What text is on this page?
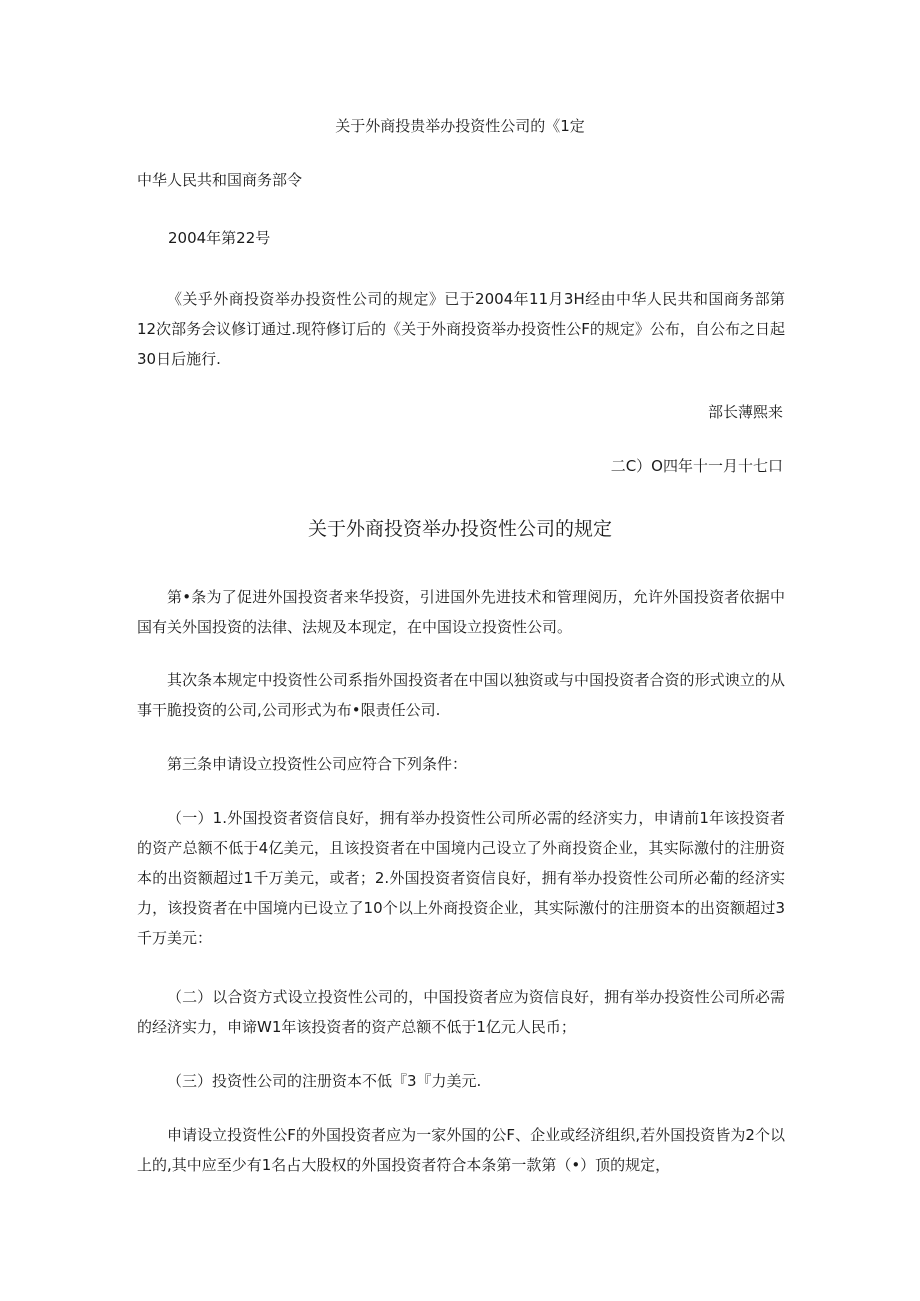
关于外商投贵举办投资性公司的《1定

中华人民共和国商务部令

2004年第22号

《关乎外商投资举办投资性公司的规定》已于2004年11月3H经由中华人民共和国商务部第12次部务会议修订通过.现符修订后的《关于外商投资举办投资性公F的规定》公布，自公布之日起30日后施行.

部长薄熙来

二C）O四年十一月十七口

关于外商投资举办投资性公司的规定

第•条为了促进外国投资者来华投资，引进国外先进技术和管理阅历，允许外国投资者依据中国有关外国投资的法律、法规及本现定，在中国设立投资性公司。

其次条本规定中投资性公司系指外国投资者在中国以独资或与中国投资者合资的形式谀立的从事干脆投资的公司,公司形式为布•限责任公司.

第三条申请设立投资性公司应符合下列条件：

（一）1.外国投资者资信良好，拥有举办投资性公司所必需的经济实力，申请前1年该投资者的资产总额不低于4亿美元，且该投资者在中国境内己设立了外商投资企业，其实际激付的注册资本的出资额超过1千万美元，或者；2.外国投资者资信良好，拥有举办投资性公司所必葡的经济实力，该投资者在中国境内已设立了10个以上外商投资企业，其实际激付的注册资本的出资额超过3千万美元：

（二）以合资方式设立投资性公司的，中国投资者应为资信良好，拥有举办投资性公司所必需的经济实力，申谛W1年该投资者的资产总额不低于1亿元人民币；

（三）投资性公司的注册资本不低『3『力美元.

申请设立投资性公F的外国投资者应为一家外国的公F、企业或经济组织,若外国投资皆为2个以上的,其中应至少有1名占大股权的外国投资者符合本条第一款第（•）顶的规定，
